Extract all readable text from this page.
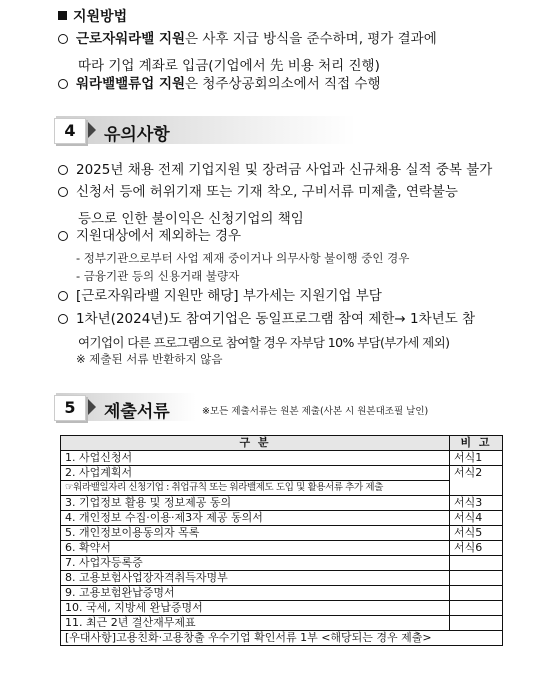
지원방법
근로자워라밸 지원은 사후 지급 방식을 준수하며, 평가 결과에
따라 기업 계좌로 입금(기업에서 先 비용 처리 진행)
워라밸밸류업 지원은 청주상공회의소에서 직접 수행
4	유의사항
2025년 채용 전제 기업지원 및 장려금 사업과 신규채용 실적 중복 불가
신청서 등에 허위기재 또는 기재 착오, 구비서류 미제출, 연락불능
등으로 인한 불이익은 신청기업의 책임
지원대상에서 제외하는 경우
- 정부기관으로부터 사업 제재 중이거나 의무사항 불이행 중인 경우
- 금융기관 등의 신용거래 불량자
[근로자워라밸 지원만 해당] 부가세는 지원기업 부담
1차년(2024년)도 참여기업은 동일프로그램 참여 제한→ 1차년도 참
여기업이 다른 프로그램으로 참여할 경우 자부담 10% 부담(부가세 제외)
※ 제출된 서류 반환하지 않음
5	제출서류	※모든 제출서류는 원본 제출(사본 시 원본대조필 날인)
구 분	비 고
1. 사업신청서	서식1
2. 사업계획서	서식2
☞워라밸일자리 신청기업 : 취업규칙 또는 워라밸제도 도입 및 활용서류 추가 제출	
3. 기업정보 활용 및 정보제공 동의	서식3
4. 개인정보 수집·이용·제3자 제공 동의서	서식4
5. 개인정보이용동의자 목록	서식5
6. 확약서	서식6
7. 사업자등록증	
8. 고용보험사업장자격취득자명부	
9. 고용보험완납증명서	
10. 국세, 지방세 완납증명서	
11. 최근 2년 결산재무제표	
[우대사항]고용친화·고용창출 우수기업 확인서류 1부 <해당되는 경우 제출>	
